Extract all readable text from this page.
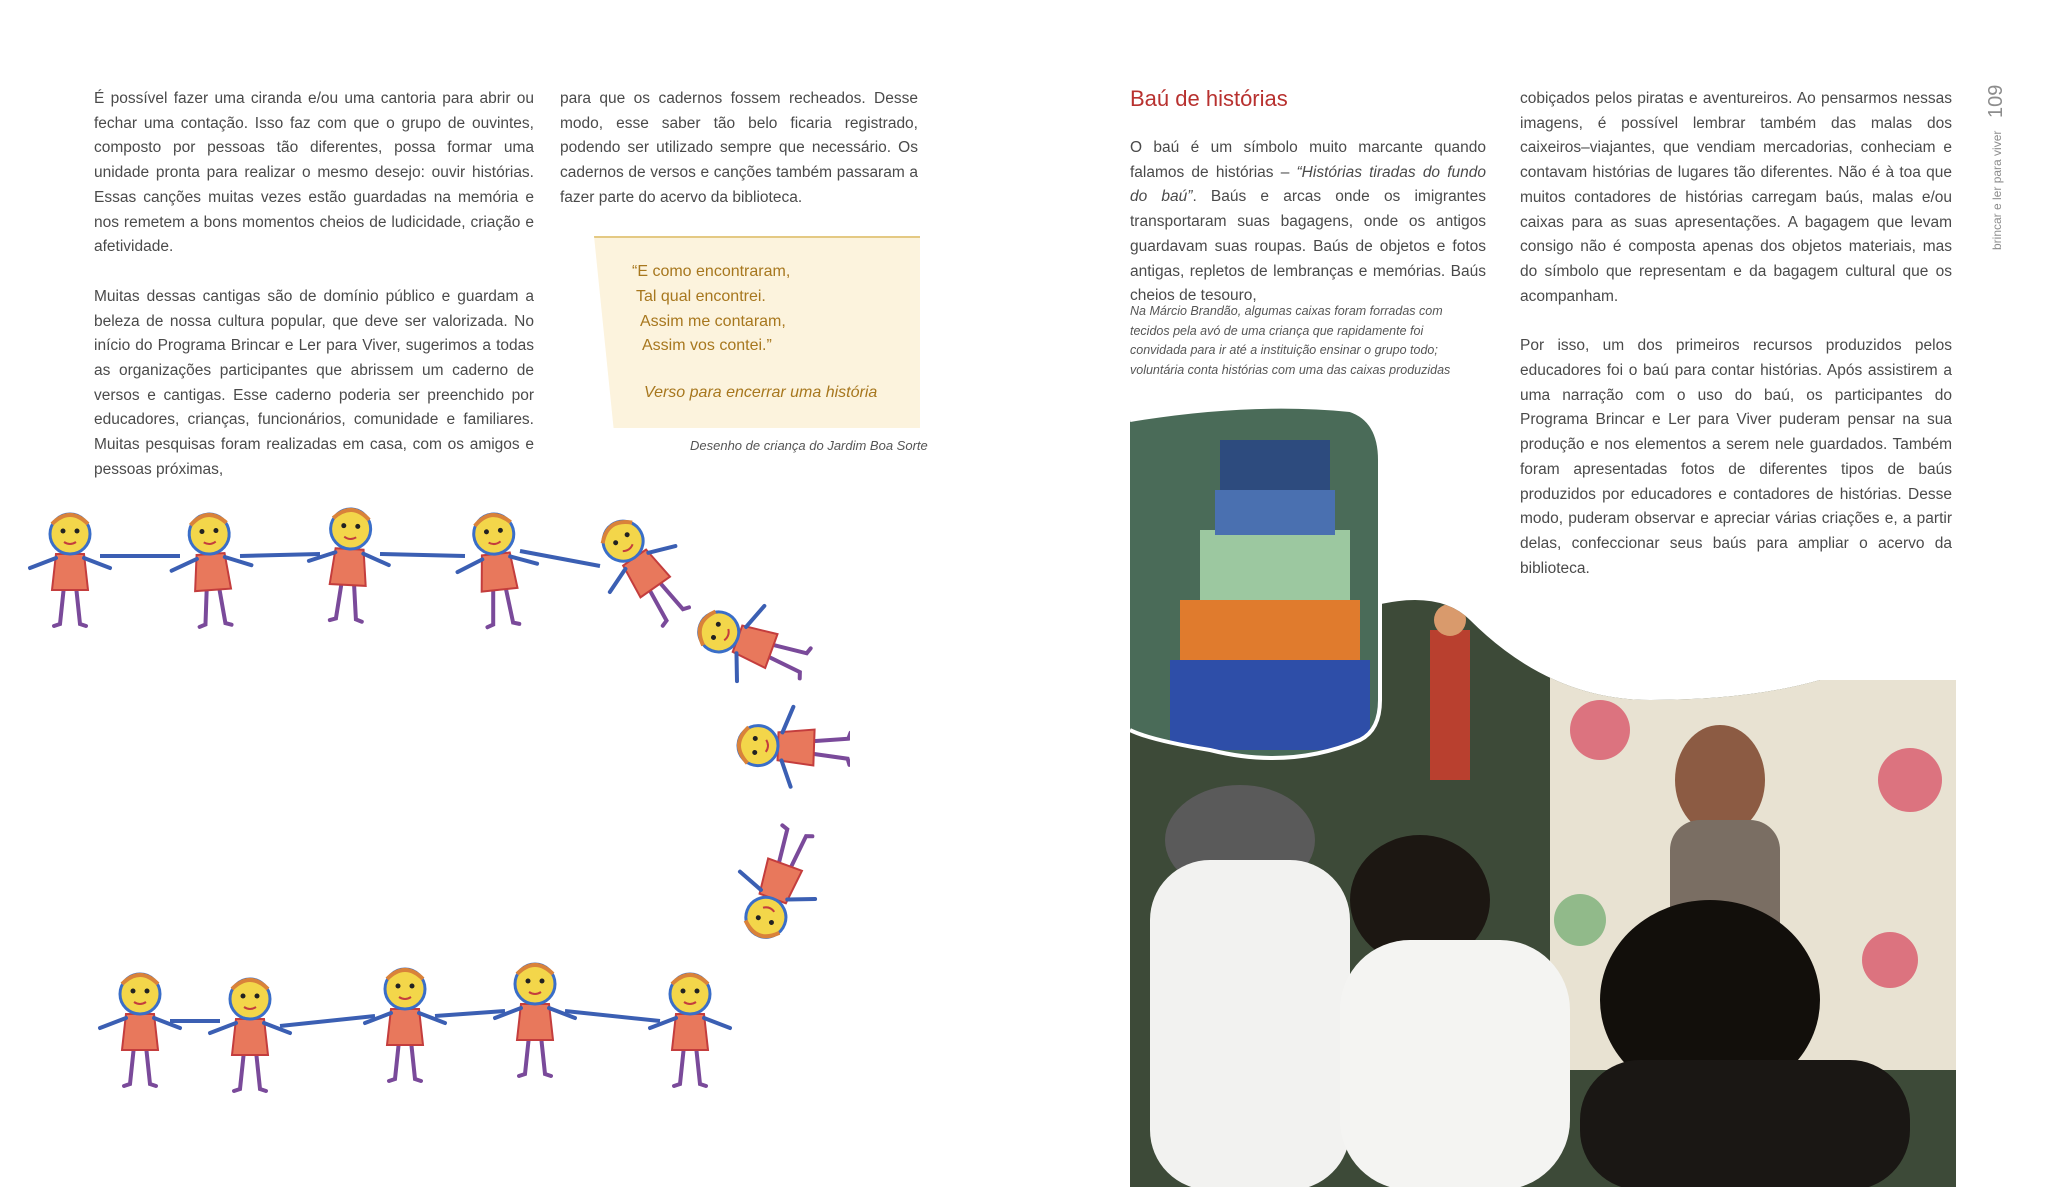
É possível fazer uma ciranda e/ou uma cantoria para abrir ou fechar uma contação. Isso faz com que o grupo de ouvintes, composto por pessoas tão diferentes, possa formar uma unidade pronta para realizar o mesmo desejo: ouvir histórias. Essas canções muitas vezes estão guardadas na memória e nos remetem a bons momentos cheios de ludicidade, criação e afetividade.

Muitas dessas cantigas são de domínio público e guardam a beleza de nossa cultura popular, que deve ser valorizada. No início do Programa Brincar e Ler para Viver, sugerimos a todas as organizações participantes que abrissem um caderno de versos e cantigas. Esse caderno poderia ser preenchido por educadores, crianças, funcionários, comunidade e familiares. Muitas pesquisas foram realizadas em casa, com os amigos e pessoas próximas,

para que os cadernos fossem recheados. Desse modo, esse saber tão belo ficaria registrado, podendo ser utilizado sempre que necessário. Os cadernos de versos e canções também passaram a fazer parte do acervo da biblioteca.

“E como encontraram,
Tal qual encontrei.
Assim me contaram,
Assim vos contei.”
Verso para encerrar uma história
Desenho de criança do Jardim Boa Sorte
Baú de histórias

O baú é um símbolo muito marcante quando falamos de histórias – “Histórias tiradas do fundo do baú”. Baús e arcas onde os imigrantes transportaram suas bagagens, onde os antigos guardavam suas roupas. Baús de objetos e fotos antigas, repletos de lembranças e memórias. Baús cheios de tesouro,

Na Márcio Brandão, algumas caixas foram forradas com tecidos pela avó de uma criança que rapidamente foi convidada para ir até a instituição ensinar o grupo todo; voluntária conta histórias com uma das caixas produzidas

cobiçados pelos piratas e aventureiros. Ao pensarmos nessas imagens, é possível lembrar também das malas dos caixeiros–viajantes, que vendiam mercadorias, conheciam e contavam histórias de lugares tão diferentes. Não é à toa que muitos contadores de histórias carregam baús, malas e/ou caixas para as suas apresentações. A bagagem que levam consigo não é composta apenas dos objetos materiais, mas do símbolo que representam e da bagagem cultural que os acompanham.

Por isso, um dos primeiros recursos produzidos pelos educadores foi o baú para contar histórias. Após assistirem a uma narração com o uso do baú, os participantes do Programa Brincar e Ler para Viver puderam pensar na sua produção e nos elementos a serem nele guardados. Também foram apresentadas fotos de diferentes tipos de baús produzidos por educadores e contadores de histórias. Desse modo, puderam observar e apreciar várias criações e, a partir delas, confeccionar seus baús para ampliar o acervo da biblioteca.

brincar e ler para viver
109
